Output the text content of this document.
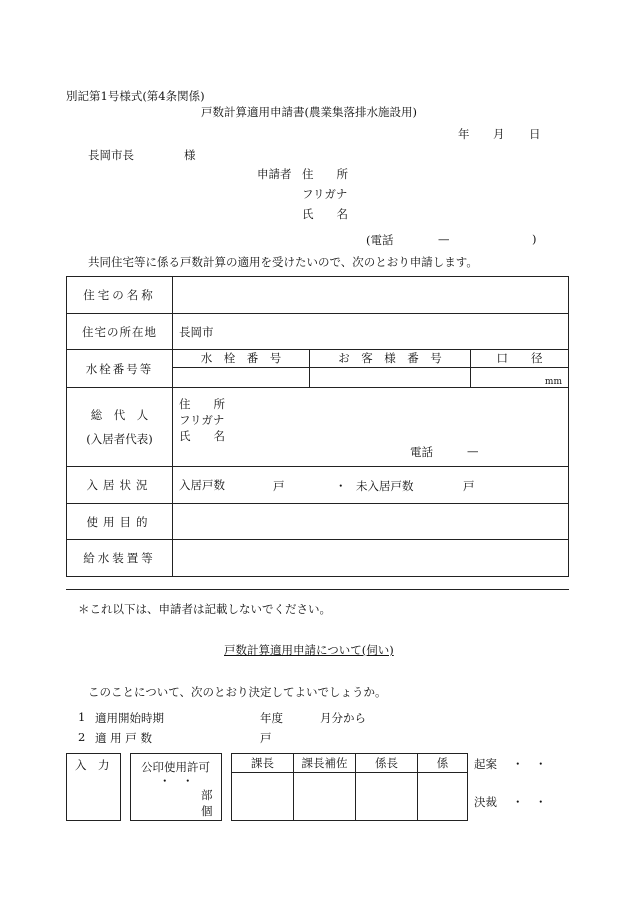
別記第1号様式(第4条関係)
戸数計算適用申請書(農業集落排水施設用)
年 月 日
長岡市長	様
申請者 住　　所
フリガナ
氏　　名
(電話	—	)
共同住宅等に係る戸数計算の適用を受けたいので、次のとおり申請します。
住宅の名称	
住宅の所在地	長岡市
水栓番号等	
水　栓　番　号	お　客　様　番　号	口　　径
		mm

総　代　人
(入居者代表)

住　　所
フリガナ
氏　　名
電話	—

入居状況	入居戸数	戸	・ 未入居戸数	戸

使用目的	
給水装置等	
＊これ以下は、申請者は記載しないでください。
戸数計算適用申請について(伺い)
このことについて、次のとおり決定してよいでしょうか。
1 適用開始時期	年度	月分から
2 適 用 戸 数	戸
入　力	公印使用許可
・　・
部
個
課長	課長補佐	係長	係
			起案 ・　・
決裁 ・　・
